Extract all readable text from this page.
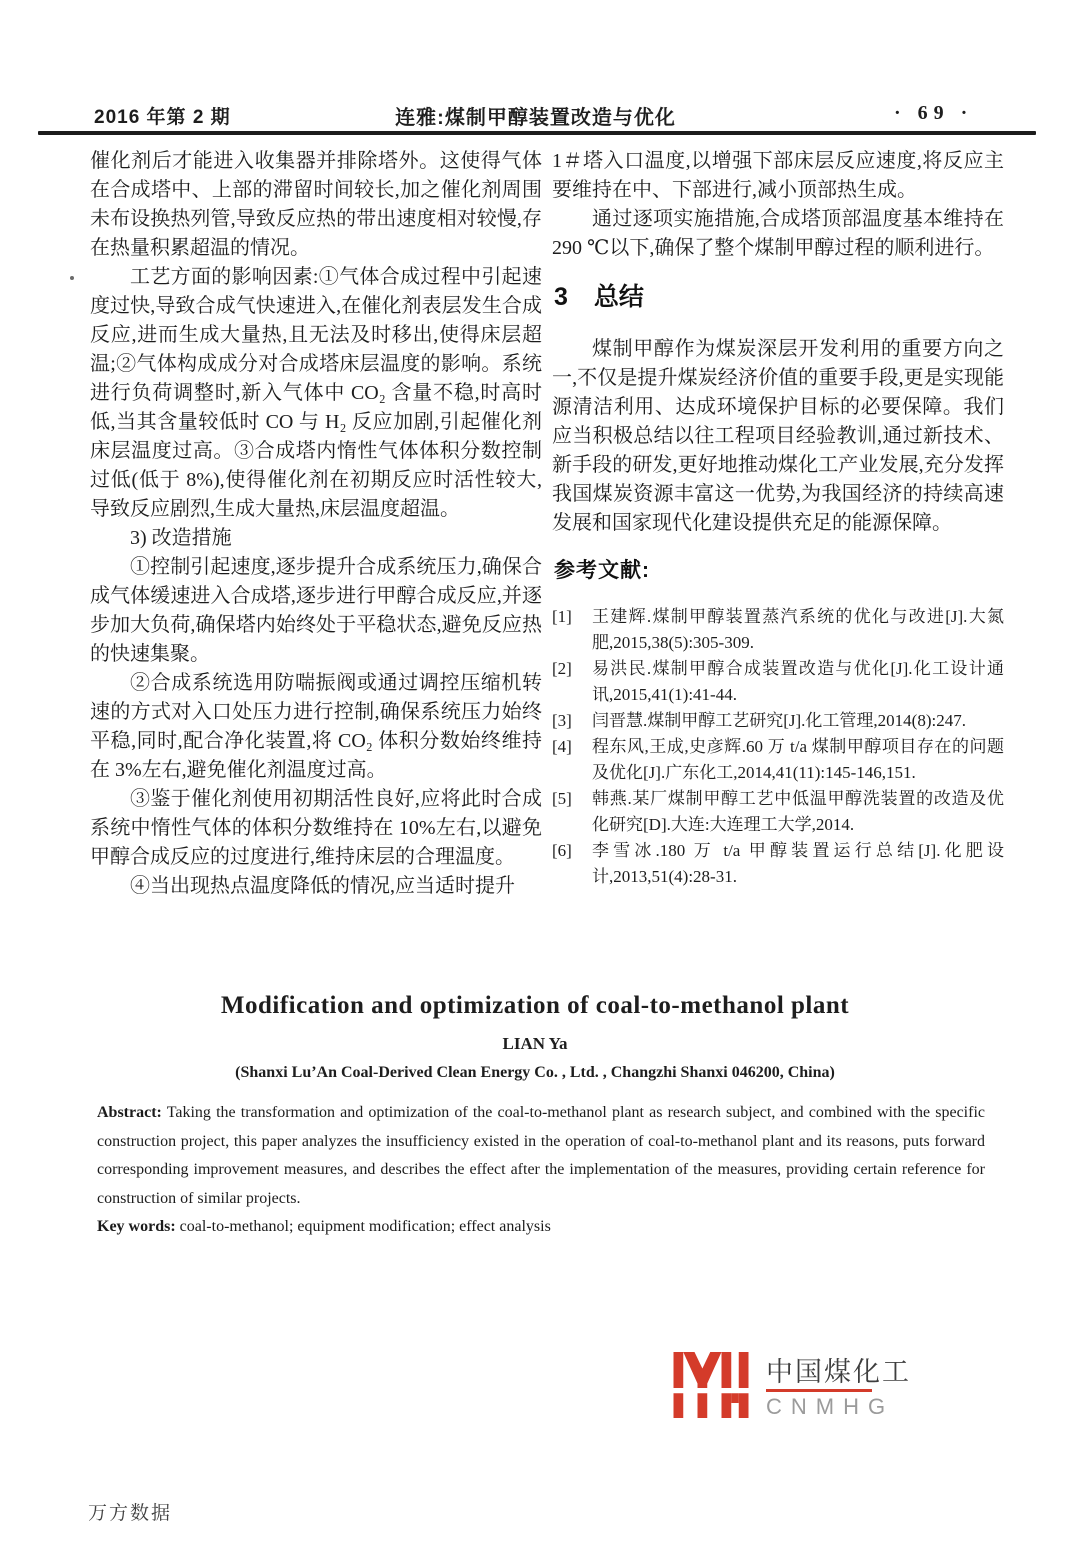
2016 年第 2 期	连雅:煤制甲醇装置改造与优化	· 69 ·

催化剂后才能进入收集器并排除塔外。这使得气体在合成塔中、上部的滞留时间较长,加之催化剂周围未布设换热列管,导致反应热的带出速度相对较慢,存在热量积累超温的情况。

工艺方面的影响因素:①气体合成过程中引起速度过快,导致合成气快速进入,在催化剂表层发生合成反应,进而生成大量热,且无法及时移出,使得床层超温;②气体构成成分对合成塔床层温度的影响。系统进行负荷调整时,新入气体中 CO₂ 含量不稳,时高时低,当其含量较低时 CO 与 H₂ 反应加剧,引起催化剂床层温度过高。③合成塔内惰性气体体积分数控制过低(低于 8%),使得催化剂在初期反应时活性较大,导致反应剧烈,生成大量热,床层温度超温。

3) 改造措施

①控制引起速度,逐步提升合成系统压力,确保合成气体缓速进入合成塔,逐步进行甲醇合成反应,并逐步加大负荷,确保塔内始终处于平稳状态,避免反应热的快速集聚。

②合成系统选用防喘振阀或通过调控压缩机转速的方式对入口处压力进行控制,确保系统压力始终平稳,同时,配合净化装置,将 CO₂ 体积分数始终维持在 3%左右,避免催化剂温度过高。

③鉴于催化剂使用初期活性良好,应将此时合成系统中惰性气体的体积分数维持在 10%左右,以避免甲醇合成反应的过度进行,维持床层的合理温度。

④当出现热点温度降低的情况,应当适时提升

1＃塔入口温度,以增强下部床层反应速度,将反应主要维持在中、下部进行,减小顶部热生成。

通过逐项实施措施,合成塔顶部温度基本维持在 290 ℃以下,确保了整个煤制甲醇过程的顺利进行。

3 总结

煤制甲醇作为煤炭深层开发利用的重要方向之一,不仅是提升煤炭经济价值的重要手段,更是实现能源清洁利用、达成环境保护目标的必要保障。我们应当积极总结以往工程项目经验教训,通过新技术、新手段的研发,更好地推动煤化工产业发展,充分发挥我国煤炭资源丰富这一优势,为我国经济的持续高速发展和国家现代化建设提供充足的能源保障。

参考文献:
[1]	王建辉.煤制甲醇装置蒸汽系统的优化与改进[J].大氮肥,2015,38(5):305-309.
[2]	易洪民.煤制甲醇合成装置改造与优化[J].化工设计通讯,2015,41(1):41-44.
[3]	闫晋慧.煤制甲醇工艺研究[J].化工管理,2014(8):247.
[4]	程东风,王成,史彦辉.60 万 t/a 煤制甲醇项目存在的问题及优化[J].广东化工,2014,41(11):145-146,151.
[5]	韩燕.某厂煤制甲醇工艺中低温甲醇洗装置的改造及优化研究[D].大连:大连理工大学,2014.
[6]	李雪冰.180 万 t/a 甲醇装置运行总结[J].化肥设计,2013,51(4):28-31.
Modification and optimization of coal-to-methanol plant
LIAN Ya
(Shanxi Lu’An Coal-Derived Clean Energy Co. , Ltd. , Changzhi Shanxi 046200, China)

Abstract: Taking the transformation and optimization of the coal-to-methanol plant as research subject, and combined with the specific construction project, this paper analyzes the insufficiency existed in the operation of coal-to-methanol plant and its reasons, puts forward corresponding improvement measures, and describes the effect after the implementation of the measures, providing certain reference for construction of similar projects.

Key words: coal-to-methanol; equipment modification; effect analysis

中国煤化工
CNMHG
万方数据
